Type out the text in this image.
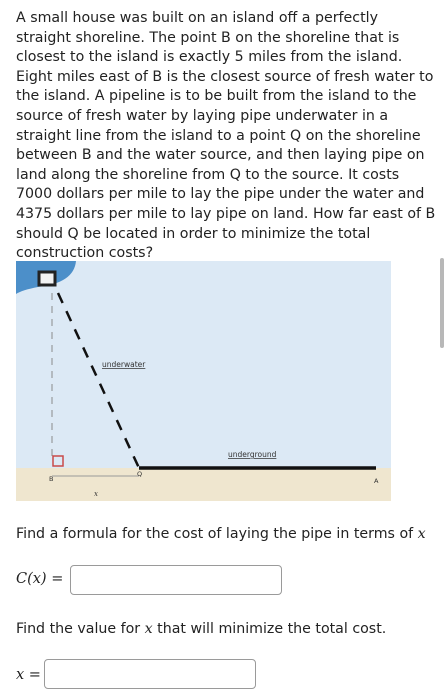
A small house was built on an island off a perfectly straight shoreline. The point B on the shoreline that is closest to the island is exactly 5 miles from the island. Eight miles east of B is the closest source of fresh water to the island. A pipeline is to be built from the island to the source of fresh water by laying pipe underwater in a straight line from the island to a point Q on the shoreline between B and the water source, and then laying pipe on land along the shoreline from Q to the source. It costs 7000 dollars per mile to lay the pipe under the water and 4375 dollars per mile to lay pipe on land. How far east of B should Q be located in order to minimize the total construction costs?

underwater
underground
B
Q
A
x

Find a formula for the cost of laying the pipe in terms of x

C(x) =

Find the value for x that will minimize the total cost.

x =
